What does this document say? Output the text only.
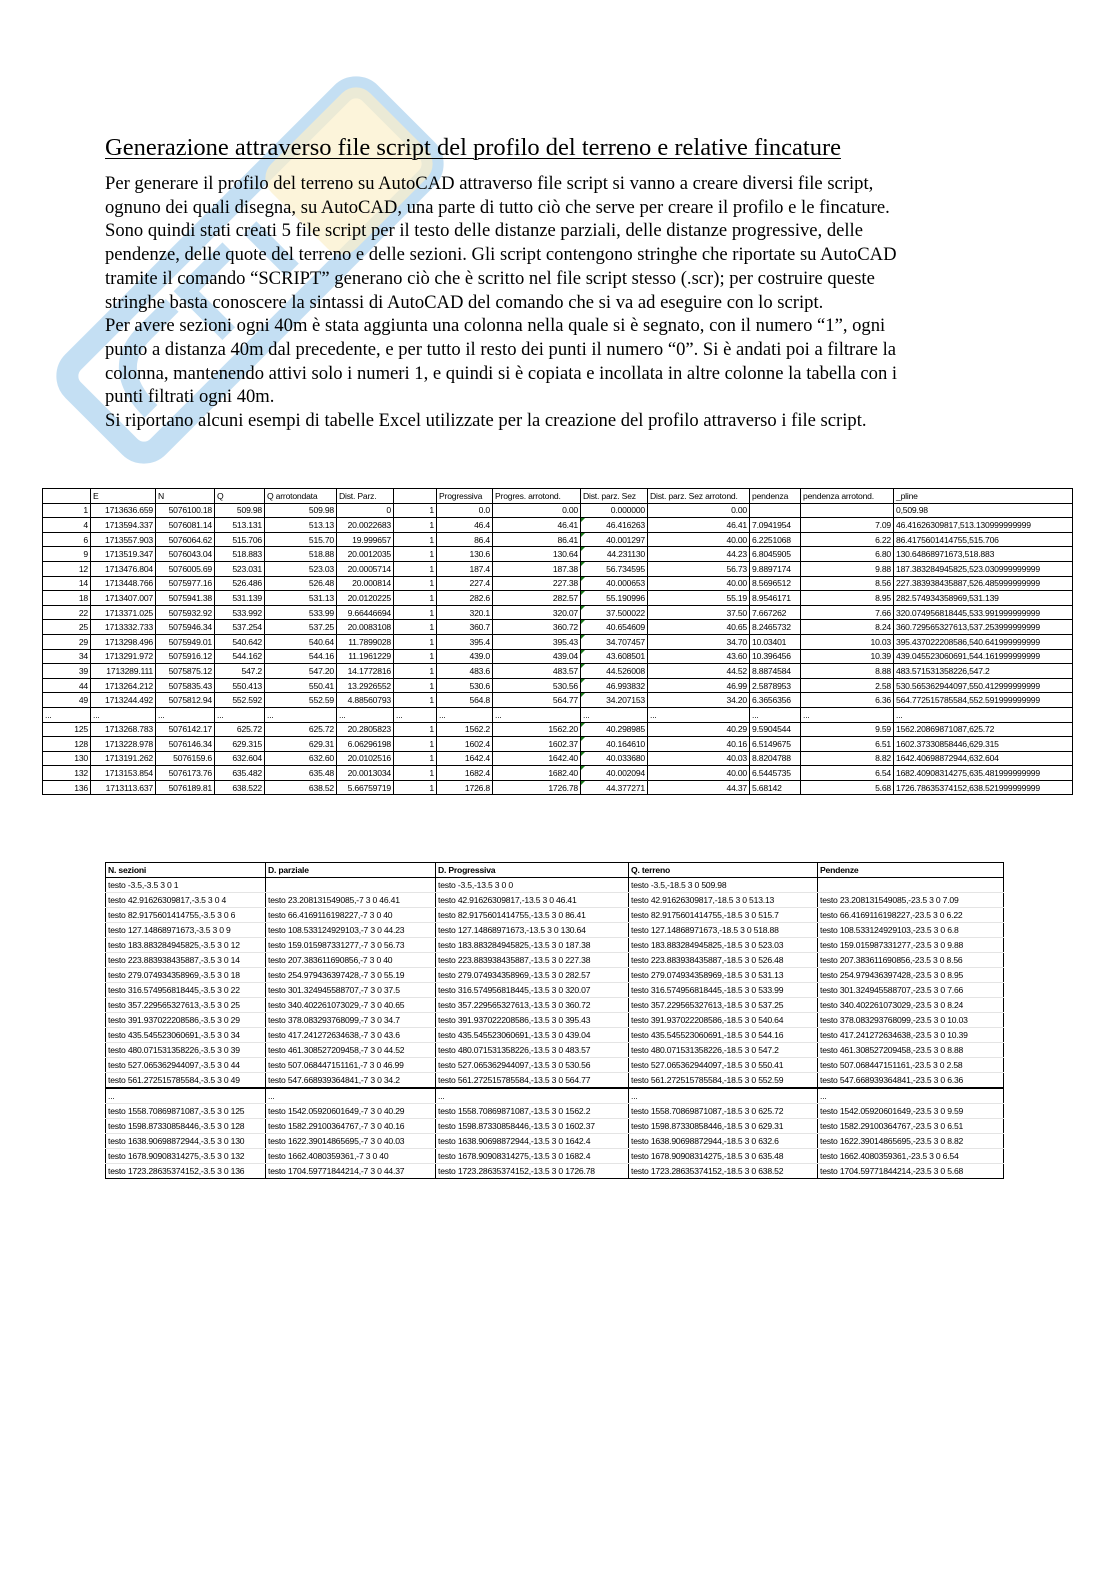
Generazione attraverso file script del profilo del terreno e relative fincature
Per generare il profilo del terreno su AutoCAD attraverso file script si vanno a creare diversi file script,
ognuno dei quali disegna, su AutoCAD, una parte di tutto ciò che serve per creare il profilo e le fincature.
Sono quindi stati creati 5 file script per il testo delle distanze parziali, delle distanze progressive, delle
pendenze, delle quote del terreno e delle sezioni. Gli script contengono stringhe che riportate su AutoCAD
tramite il comando “SCRIPT” generano ciò che è scritto nel file script stesso (.scr); per costruire queste
stringhe basta conoscere la sintassi di AutoCAD del comando che si va ad eseguire con lo script.
Per avere sezioni ogni 40m è stata aggiunta una colonna nella quale si è segnato, con il numero “1”, ogni
punto a distanza 40m dal precedente, e per tutto il resto dei punti il numero “0”. Si è andati poi a filtrare la
colonna, mantenendo attivi solo i numeri 1, e quindi si è copiata e incollata in altre colonne la tabella con i
punti filtrati ogni 40m.
Si riportano alcuni esempi di tabelle Excel utilizzate per la creazione del profilo attraverso i file script.
	E	N	Q	Q arrotondata	Dist. Parz.		Progressiva	Progres. arrotond.	Dist. parz. Sez	Dist. parz. Sez arrotond.	pendenza	pendenza arrotond.	_pline
1	1713636.659	5076100.18	509.98	509.98	0	1	0.0	0.00	0.000000	0.00			0,509.98
4	1713594.337	5076081.14	513.131	513.13	20.0022683	1	46.4	46.41	46.416263	46.41	7.0941954	7.09	46.41626309817,513.130999999999
6	1713557.903	5076064.62	515.706	515.70	19.999657	1	86.4	86.41	40.001297	40.00	6.2251068	6.22	86.4175601414755,515.706
9	1713519.347	5076043.04	518.883	518.88	20.0012035	1	130.6	130.64	44.231130	44.23	6.8045905	6.80	130.64868971673,518.883
12	1713476.804	5076005.69	523.031	523.03	20.0005714	1	187.4	187.38	56.734595	56.73	9.8897174	9.88	187.383284945825,523.030999999999
14	1713448.766	5075977.16	526.486	526.48	20.000814	1	227.4	227.38	40.000653	40.00	8.5696512	8.56	227.383938435887,526.485999999999
18	1713407.007	5075941.38	531.139	531.13	20.0120225	1	282.6	282.57	55.190996	55.19	8.9546171	8.95	282.574934358969,531.139
22	1713371.025	5075932.92	533.992	533.99	9.66446694	1	320.1	320.07	37.500022	37.50	7.667262	7.66	320.074956818445,533.991999999999
25	1713332.733	5075946.34	537.254	537.25	20.0083108	1	360.7	360.72	40.654609	40.65	8.2465732	8.24	360.729565327613,537.253999999999
29	1713298.496	5075949.01	540.642	540.64	11.7899028	1	395.4	395.43	34.707457	34.70	10.03401	10.03	395.437022208586,540.641999999999
34	1713291.972	5075916.12	544.162	544.16	11.1961229	1	439.0	439.04	43.608501	43.60	10.396456	10.39	439.045523060691,544.161999999999
39	1713289.111	5075875.12	547.2	547.20	14.1772816	1	483.6	483.57	44.526008	44.52	8.8874584	8.88	483.571531358226,547.2
44	1713264.212	5075835.43	550.413	550.41	13.2926552	1	530.6	530.56	46.993832	46.99	2.5878953	2.58	530.565362944097,550.412999999999
49	1713244.492	5075812.94	552.592	552.59	4.88560793	1	564.8	564.77	34.207153	34.20	6.3656356	6.36	564.772515785584,552.591999999999
...	...	...	...	...	...	...	...	...	...	...	...	...	...
125	1713268.783	5076142.17	625.72	625.72	20.2805823	1	1562.2	1562.20	40.298985	40.29	9.5904544	9.59	1562.20869871087,625.72
128	1713228.978	5076146.34	629.315	629.31	6.06296198	1	1602.4	1602.37	40.164610	40.16	6.5149675	6.51	1602.37330858446,629.315
130	1713191.262	5076159.6	632.604	632.60	20.0102516	1	1642.4	1642.40	40.033680	40.03	8.8204788	8.82	1642.40698872944,632.604
132	1713153.854	5076173.76	635.482	635.48	20.0013034	1	1682.4	1682.40	40.002094	40.00	6.5445735	6.54	1682.40908314275,635.481999999999
136	1713113.637	5076189.81	638.522	638.52	5.66759719	1	1726.8	1726.78	44.377271	44.37	5.68142	5.68	1726.78635374152,638.521999999999
N. sezioni	D. parziale	D. Progressiva	Q. terreno	Pendenze
testo -3.5,-3.5 3 0 1		testo -3.5,-13.5 3 0 0	testo -3.5,-18.5 3 0 509.98	
testo 42.91626309817,-3.5 3 0 4	testo 23.208131549085,-7 3 0 46.41	testo 42.91626309817,-13.5 3 0 46.41	testo 42.91626309817,-18.5 3 0 513.13	testo 23.208131549085,-23.5 3 0 7.09
testo 82.9175601414755,-3.5 3 0 6	testo 66.4169116198227,-7 3 0 40	testo 82.9175601414755,-13.5 3 0 86.41	testo 82.9175601414755,-18.5 3 0 515.7	testo 66.4169116198227,-23.5 3 0 6.22
testo 127.14868971673,-3.5 3 0 9	testo 108.533124929103,-7 3 0 44.23	testo 127.14868971673,-13.5 3 0 130.64	testo 127.14868971673,-18.5 3 0 518.88	testo 108.533124929103,-23.5 3 0 6.8
testo 183.883284945825,-3.5 3 0 12	testo 159.015987331277,-7 3 0 56.73	testo 183.883284945825,-13.5 3 0 187.38	testo 183.883284945825,-18.5 3 0 523.03	testo 159.015987331277,-23.5 3 0 9.88
testo 223.883938435887,-3.5 3 0 14	testo 207.383611690856,-7 3 0 40	testo 223.883938435887,-13.5 3 0 227.38	testo 223.883938435887,-18.5 3 0 526.48	testo 207.383611690856,-23.5 3 0 8.56
testo 279.074934358969,-3.5 3 0 18	testo 254.979436397428,-7 3 0 55.19	testo 279.074934358969,-13.5 3 0 282.57	testo 279.074934358969,-18.5 3 0 531.13	testo 254.979436397428,-23.5 3 0 8.95
testo 316.574956818445,-3.5 3 0 22	testo 301.324945588707,-7 3 0 37.5	testo 316.574956818445,-13.5 3 0 320.07	testo 316.574956818445,-18.5 3 0 533.99	testo 301.324945588707,-23.5 3 0 7.66
testo 357.229565327613,-3.5 3 0 25	testo 340.402261073029,-7 3 0 40.65	testo 357.229565327613,-13.5 3 0 360.72	testo 357.229565327613,-18.5 3 0 537.25	testo 340.402261073029,-23.5 3 0 8.24
testo 391.937022208586,-3.5 3 0 29	testo 378.083293768099,-7 3 0 34.7	testo 391.937022208586,-13.5 3 0 395.43	testo 391.937022208586,-18.5 3 0 540.64	testo 378.083293768099,-23.5 3 0 10.03
testo 435.545523060691,-3.5 3 0 34	testo 417.241272634638,-7 3 0 43.6	testo 435.545523060691,-13.5 3 0 439.04	testo 435.545523060691,-18.5 3 0 544.16	testo 417.241272634638,-23.5 3 0 10.39
testo 480.071531358226,-3.5 3 0 39	testo 461.308527209458,-7 3 0 44.52	testo 480.071531358226,-13.5 3 0 483.57	testo 480.071531358226,-18.5 3 0 547.2	testo 461.308527209458,-23.5 3 0 8.88
testo 527.065362944097,-3.5 3 0 44	testo 507.068447151161,-7 3 0 46.99	testo 527.065362944097,-13.5 3 0 530.56	testo 527.065362944097,-18.5 3 0 550.41	testo 507.068447151161,-23.5 3 0 2.58
testo 561.272515785584,-3.5 3 0 49	testo 547.668939364841,-7 3 0 34.2	testo 561.272515785584,-13.5 3 0 564.77	testo 561.272515785584,-18.5 3 0 552.59	testo 547.668939364841,-23.5 3 0 6.36
...	...	...	...	...
testo 1558.70869871087,-3.5 3 0 125	testo 1542.05920601649,-7 3 0 40.29	testo 1558.70869871087,-13.5 3 0 1562.2	testo 1558.70869871087,-18.5 3 0 625.72	testo 1542.05920601649,-23.5 3 0 9.59
testo 1598.87330858446,-3.5 3 0 128	testo 1582.29100364767,-7 3 0 40.16	testo 1598.87330858446,-13.5 3 0 1602.37	testo 1598.87330858446,-18.5 3 0 629.31	testo 1582.29100364767,-23.5 3 0 6.51
testo 1638.90698872944,-3.5 3 0 130	testo 1622.39014865695,-7 3 0 40.03	testo 1638.90698872944,-13.5 3 0 1642.4	testo 1638.90698872944,-18.5 3 0 632.6	testo 1622.39014865695,-23.5 3 0 8.82
testo 1678.90908314275,-3.5 3 0 132	testo 1662.4080359361,-7 3 0 40	testo 1678.90908314275,-13.5 3 0 1682.4	testo 1678.90908314275,-18.5 3 0 635.48	testo 1662.4080359361,-23.5 3 0 6.54
testo 1723.28635374152,-3.5 3 0 136	testo 1704.59771844214,-7 3 0 44.37	testo 1723.28635374152,-13.5 3 0 1726.78	testo 1723.28635374152,-18.5 3 0 638.52	testo 1704.59771844214,-23.5 3 0 5.68
